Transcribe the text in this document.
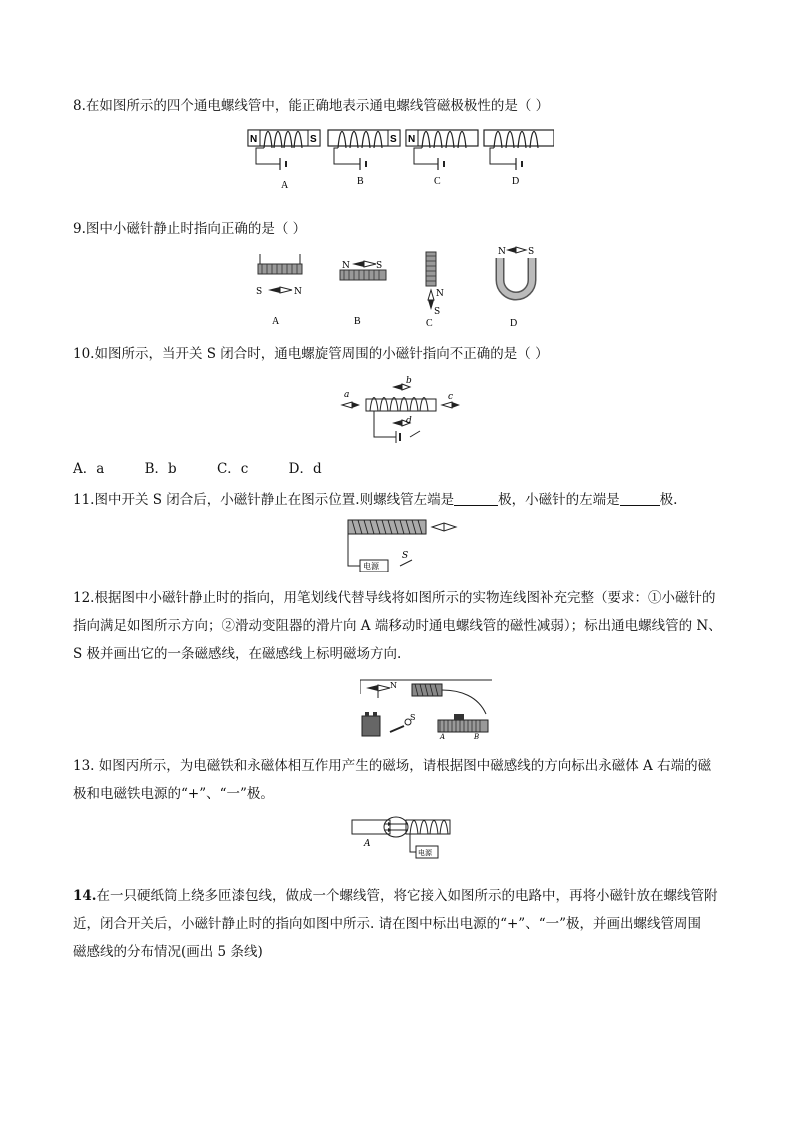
8.在如图所示的四个通电螺线管中，能正确地表示通电螺线管磁极极性的是（ ）
N	S
A
S
B
N
C	D
9.图中小磁针静止时指向正确的是（ ）
S	N
A
N	S
B
N
S
C
N S
D
10.如图所示，当开关 S 闭合时，通电螺旋管周围的小磁针指向不正确的是（ ）
a
b
c
d
A．a	B．b	C．c	D．d
11.图中开关 S 闭合后，小磁针静止在图示位置.则螺线管左端是	极，小磁针的左端是	极.
电源
S
12.根据图中小磁针静止时的指向，用笔划线代替导线将如图所示的实物连线图补充完整（要求：①小磁针的
指向满足如图所示方向；②滑动变阻器的滑片向 A 端移动时通电螺线管的磁性减弱）；标出通电螺线管的 N、
S 极并画出它的一条磁感线，在磁感线上标明磁场方向.
N
S
A	B
13. 如图丙所示，为电磁铁和永磁体相互作用产生的磁场，请根据图中磁感线的方向标出永磁体 A 右端的磁
极和电磁铁电源的“+”、“一”极。
A
电源
14.在一只硬纸筒上绕多匝漆包线，做成一个螺线管，将它接入如图所示的电路中，再将小磁针放在螺线管附
近，闭合开关后，小磁针静止时的指向如图中所示. 请在图中标出电源的“+”、“一”极，并画出螺线管周围
磁感线的分布情况(画出 5 条线)
